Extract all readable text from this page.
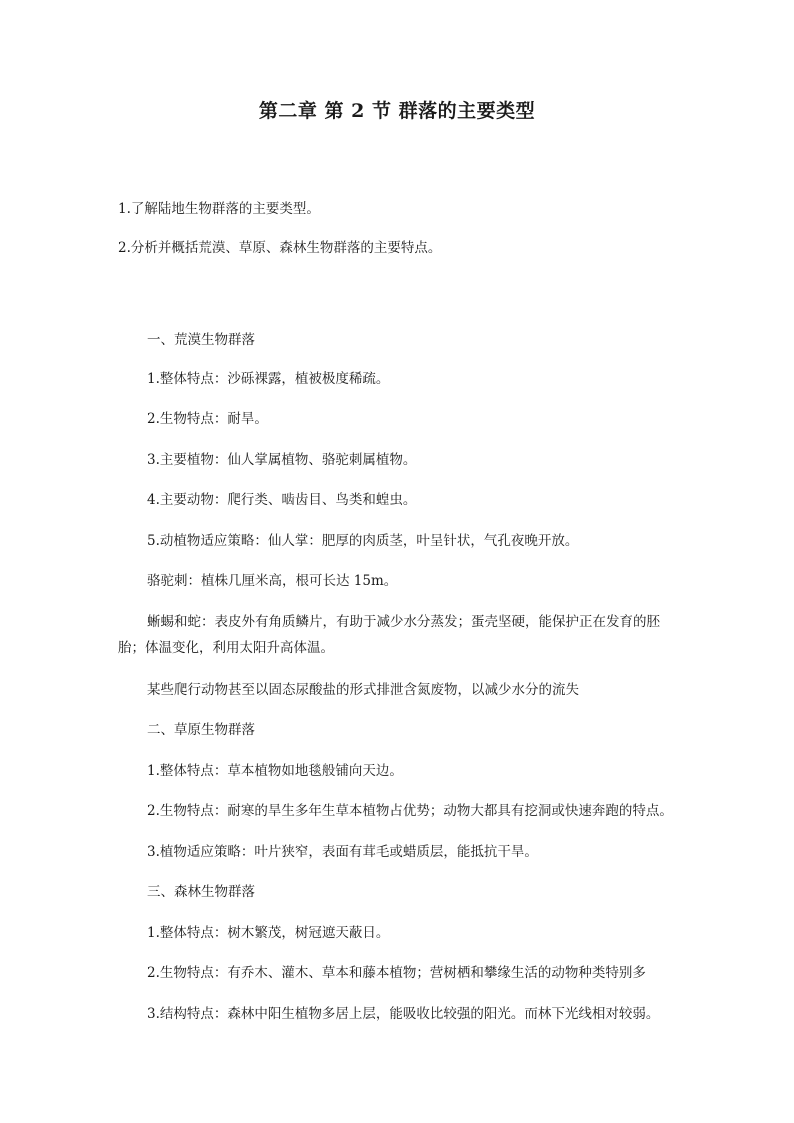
第二章 第 2 节 群落的主要类型
1.了解陆地生物群落的主要类型。
2.分析并概括荒漠、草原、森林生物群落的主要特点。
一、荒漠生物群落
1.整体特点：沙砾裸露，植被极度稀疏。
2.生物特点：耐旱。
3.主要植物：仙人掌属植物、骆驼刺属植物。
4.主要动物：爬行类、啮齿目、鸟类和蝗虫。
5.动植物适应策略：仙人掌：肥厚的肉质茎，叶呈针状，气孔夜晚开放。
骆驼刺：植株几厘米高，根可长达 15m。
蜥蜴和蛇：表皮外有角质鳞片，有助于减少水分蒸发；蛋壳坚硬，能保护正在发育的胚胎；体温变化，利用太阳升高体温。
某些爬行动物甚至以固态尿酸盐的形式排泄含氮废物，以减少水分的流失
二、草原生物群落
1.整体特点：草本植物如地毯般铺向天边。
2.生物特点：耐寒的旱生多年生草本植物占优势；动物大都具有挖洞或快速奔跑的特点。
3.植物适应策略：叶片狭窄，表面有茸毛或蜡质层，能抵抗干旱。
三、森林生物群落
1.整体特点：树木繁茂，树冠遮天蔽日。
2.生物特点：有乔木、灌木、草本和藤本植物；营树栖和攀缘生活的动物种类特别多
3.结构特点：森林中阳生植物多居上层，能吸收比较强的阳光。而林下光线相对较弱。
